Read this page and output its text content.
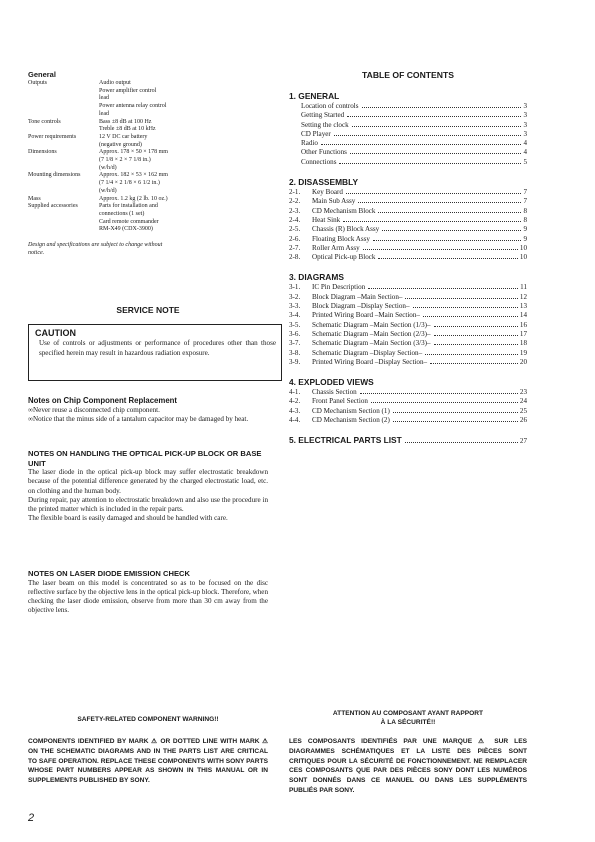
General
Outputs	Audio output
Power amplifier control
lead
Power antenna relay control
lead
Tone controls	Bass ±8 dB at 100 Hz
Treble ±8 dB at 10 kHz
Power requirements	12 V DC car battery
(negative ground)
Dimensions	Approx. 178 × 50 × 178 mm
(7 1/8 × 2 × 7 1/8 in.)
(w/h/d)
Mounting dimensions	Approx. 182 × 53 × 162 mm
(7 1/4 × 2 1/8 × 6 1/2 in.)
(w/h/d)
Mass	Approx. 1.2 kg (2 lb. 10 oz.)
Supplied accessories	Parts for installation and
connections (1 set)
Card remote commander
RM-X49 (CDX-3900)
Design and specifications are subject to change without notice.
SERVICE NOTE
CAUTION
Use of controls or adjustments or performance of procedures other than those specified herein may result in hazardous radiation exposure.
Notes on Chip Component Replacement
∞Never reuse a disconnected chip component.
∞Notice that the minus side of a tantalum capacitor may be damaged by heat.
NOTES ON HANDLING THE OPTICAL PICK-UP BLOCK OR BASE UNIT
The laser diode in the optical pick-up block may suffer electrostatic breakdown because of the potential difference generated by the charged electrostatic load, etc. on clothing and the human body.
During repair, pay attention to electrostatic breakdown and also use the procedure in the printed matter which is included in the repair parts.
The flexible board is easily damaged and should be handled with care.
NOTES ON LASER DIODE EMISSION CHECK
The laser beam on this model is concentrated so as to be focused on the disc reflective surface by the objective lens in the optical pick-up block. Therefore, when checking the laser diode emission, observe from more than 30 cm away from the objective lens.
TABLE OF CONTENTS
1. GENERAL
Location of controls	3
Getting Started	3
Setting the clock	3
CD Player	3
Radio	4
Other Functions	4
Connections	5
2. DISASSEMBLY
2-1.	Key Board	7
2-2.	Main Sub Assy	7
2-3.	CD Mechanism Block	8
2-4.	Heat Sink	8
2-5.	Chassis (R) Block Assy	9
2-6.	Floating Block Assy	9
2-7.	Roller Arm Assy	10
2-8.	Optical Pick-up Block	10
3. DIAGRAMS
3-1.	IC Pin Description	11
3-2.	Block Diagram –Main Section–	12
3-3.	Block Diagram –Display Section–	13
3-4.	Printed Wiring Board –Main Section–	14
3-5.	Schematic Diagram –Main Section (1/3)–	16
3-6.	Schematic Diagram –Main Section (2/3)–	17
3-7.	Schematic Diagram –Main Section (3/3)–	18
3-8.	Schematic Diagram –Display Section–	19
3-9.	Printed Wiring Board –Display Section–	20
4. EXPLODED VIEWS
4-1.	Chassis Section	23
4-2.	Front Panel Section	24
4-3.	CD Mechanism Section (1)	25
4-4.	CD Mechanism Section (2)	26
5. ELECTRICAL PARTS LIST	27
SAFETY-RELATED COMPONENT WARNING!!
COMPONENTS IDENTIFIED BY MARK ⚠ OR DOTTED LINE WITH MARK ⚠ ON THE SCHEMATIC DIAGRAMS AND IN THE PARTS LIST ARE CRITICAL TO SAFE OPERATION. REPLACE THESE COMPONENTS WITH SONY PARTS WHOSE PART NUMBERS APPEAR AS SHOWN IN THIS MANUAL OR IN SUPPLEMENTS PUBLISHED BY SONY.
ATTENTION AU COMPOSANT AYANT RAPPORT
À LA SÉCURITÉ!!
LES COMPOSANTS IDENTIFIÉS PAR UNE MARQUE ⚠ SUR LES DIAGRAMMES SCHÉMATIQUES ET LA LISTE DES PIÈCES SONT CRITIQUES POUR LA SÉCURITÉ DE FONCTIONNEMENT. NE REMPLACER CES COMPOSANTS QUE PAR DES PIÈCES SONY DONT LES NUMÉROS SONT DONNÉS DANS CE MANUEL OU DANS LES SUPPLÉMENTS PUBLIÉS PAR SONY.
2
